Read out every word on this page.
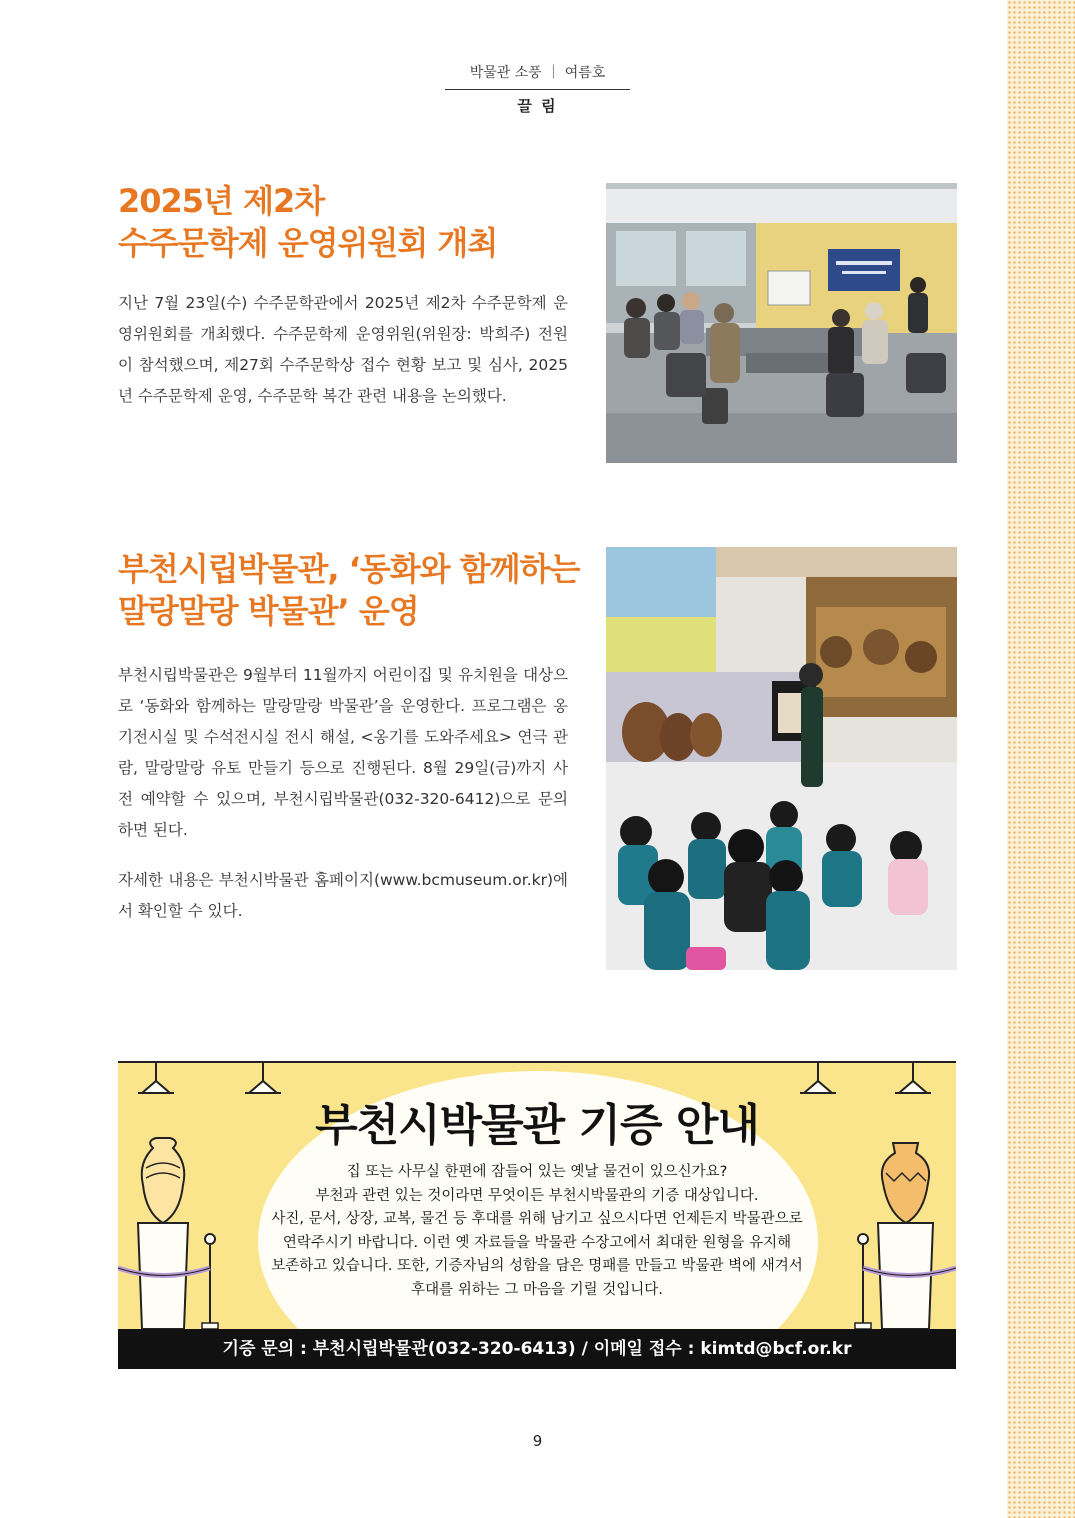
박물관 소풍 ｜ 여름호
끌 림
2025년 제2차
수주문학제 운영위원회 개최
지난 7월 23일(수) 수주문학관에서 2025년 제2차 수주문학제 운영위원회를 개최했다. 수주문학제 운영위원(위원장: 박희주) 전원이 참석했으며, 제27회 수주문학상 접수 현황 보고 및 심사, 2025년 수주문학제 운영, 수주문학 복간 관련 내용을 논의했다.
부천시립박물관, ‘동화와 함께하는
말랑말랑 박물관’ 운영
부천시립박물관은 9월부터 11월까지 어린이집 및 유치원을 대상으로 ‘동화와 함께하는 말랑말랑 박물관’을 운영한다. 프로그램은 옹기전시실 및 수석전시실 전시 해설, <옹기를 도와주세요> 연극 관람, 말랑말랑 유토 만들기 등으로 진행된다. 8월 29일(금)까지 사전 예약할 수 있으며, 부천시립박물관(032-320-6412)으로 문의하면 된다.
자세한 내용은 부천시박물관 홈페이지(www.bcmuseum.or.kr)에서 확인할 수 있다.
부천시박물관 기증 안내
집 또는 사무실 한편에 잠들어 있는 옛날 물건이 있으신가요?
부천과 관련 있는 것이라면 무엇이든 부천시박물관의 기증 대상입니다.
사진, 문서, 상장, 교복, 물건 등 후대를 위해 남기고 싶으시다면 언제든지 박물관으로
연락주시기 바랍니다. 이런 옛 자료들을 박물관 수장고에서 최대한 원형을 유지해
보존하고 있습니다. 또한, 기증자님의 성함을 담은 명패를 만들고 박물관 벽에 새겨서
후대를 위하는 그 마음을 기릴 것입니다.
기증 문의 : 부천시립박물관(032-320-6413) / 이메일 접수 : kimtd@bcf.or.kr
9
